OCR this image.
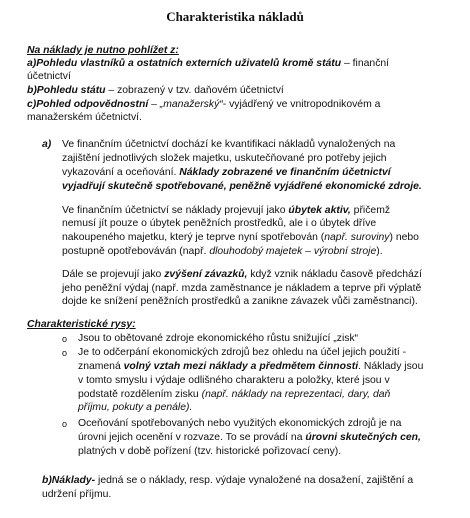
Charakteristika nákladů
Na náklady je nutno pohlížet z:
a)Pohledu vlastníků a ostatních externích uživatelů kromě státu – finanční
účetnictví
b)Pohledu státu – zobrazený v tzv. daňovém účetnictví
c)Pohled odpovědnostní – „manažerský“- vyjádřený ve vnitropodnikovém a
manažerském účetnictví.
a) Ve finančním účetnictví dochází ke kvantifikaci nákladů vynaložených na
zajištění jednotlivých složek majetku, uskutečňované pro potřeby jejich
vykazování a oceňování. Náklady zobrazené ve finančním účetnictví
vyjadřují skutečně spotřebované, peněžně vyjádřené ekonomické zdroje.
Ve finančním účetnictví se náklady projevují jako úbytek aktiv, přičemž
nemusí jít pouze o úbytek peněžních prostředků, ale i o úbytek dříve
nakoupeného majetku, který je teprve nyní spotřebován (např. suroviny) nebo
postupně opotřebováván (např. dlouhodobý majetek – výrobní stroje).
Dále se projevují jako zvýšení závazků, když vznik nákladu časově předchází
jeho peněžní výdaj (např. mzda zaměstnance je nákladem a teprve při výplatě
dojde ke snížení peněžních prostředků a zanikne závazek vůči zaměstnanci).
Charakteristické rysy:
o Jsou to obětované zdroje ekonomického růstu snižující „zisk“
o Je to odčerpání ekonomických zdrojů bez ohledu na účel jejich použití -
znamená volný vztah mezi náklady a předmětem činnosti. Náklady jsou
v tomto smyslu i výdaje odlišného charakteru a položky, které jsou v
podstatě rozdělením zisku (např. náklady na reprezentaci, dary, daň
příjmu, pokuty a penále).
o Oceňování spotřebovaných nebo využitých ekonomických zdrojů je na
úrovni jejich ocenění v rozvaze. To se provádí na úrovni skutečných cen,
platných v době pořízení (tzv. historické pořizovací ceny).
b)Náklady- jedná se o náklady, resp. výdaje vynaložené na dosažení, zajištění a
udržení příjmu.
